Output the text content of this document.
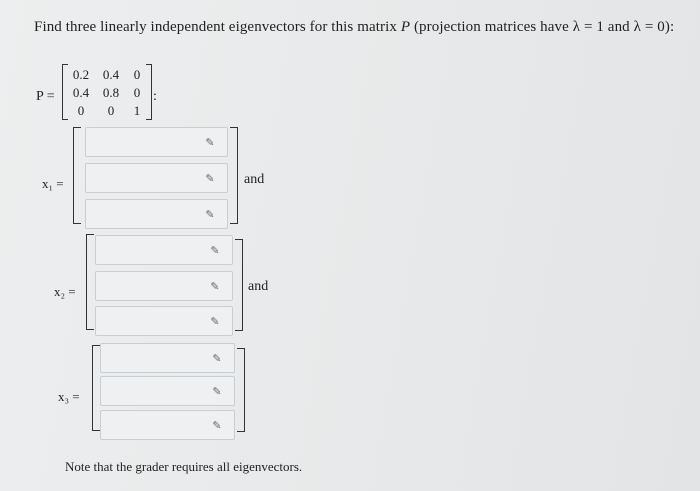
Find three linearly independent eigenvectors for this matrix P (projection matrices have λ = 1 and λ = 0):
P =
0.2	0.4	0
0.4	0.8	0
0	0	1
:
x₁ =
✎
✎
✎
and
x₂ =
✎
✎
✎
and
x₃ =
✎
✎
✎
Note that the grader requires all eigenvectors.
